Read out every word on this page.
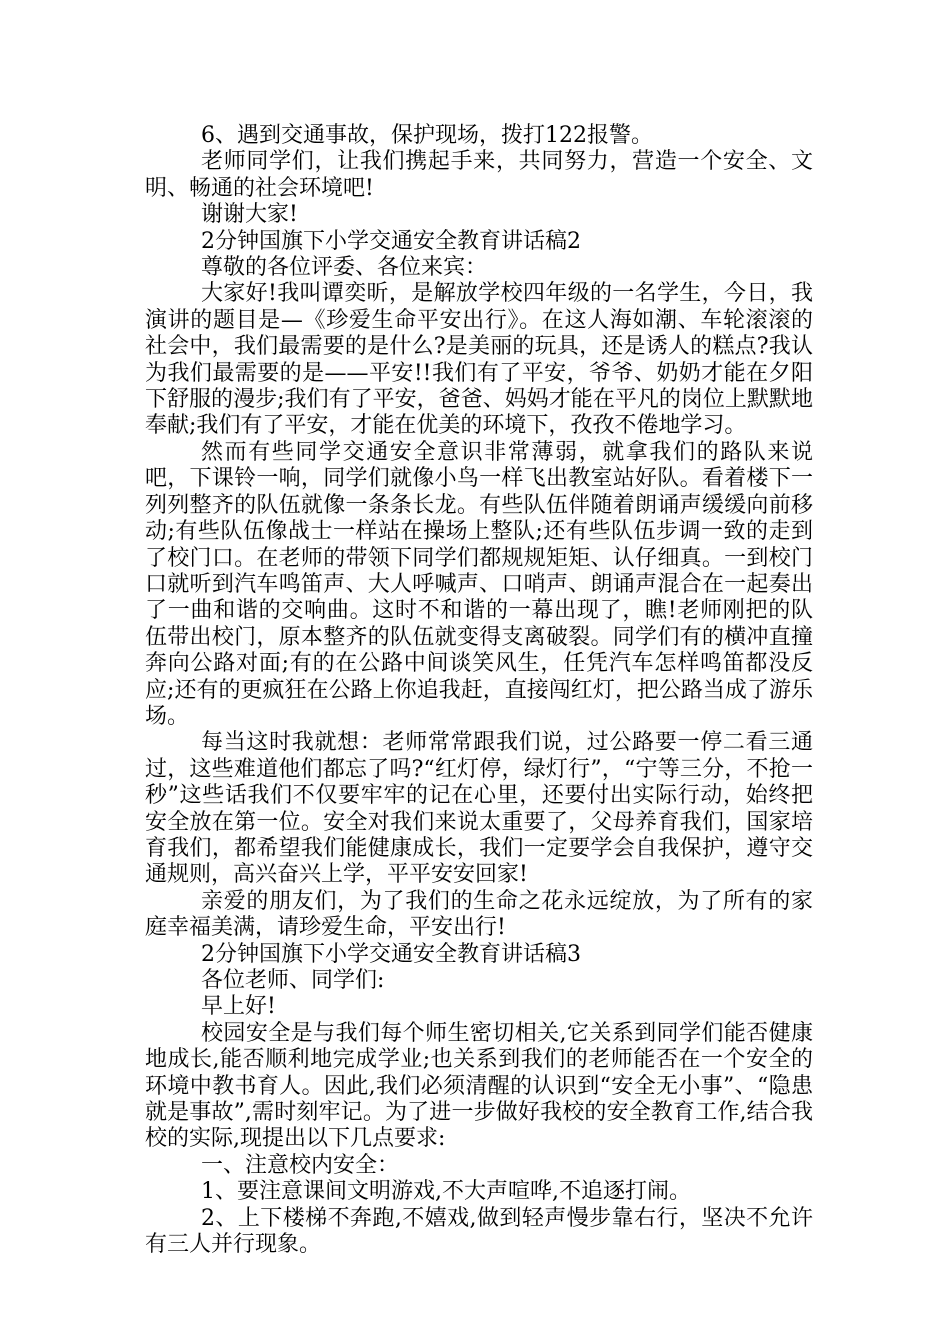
6、遇到交通事故，保护现场，拨打122报警。

老师同学们，让我们携起手来，共同努力，营造一个安全、文明、畅通的社会环境吧!

谢谢大家!

2分钟国旗下小学交通安全教育讲话稿2

尊敬的各位评委、各位来宾：

大家好!我叫谭奕昕，是解放学校四年级的一名学生，今日，我演讲的题目是—《珍爱生命平安出行》。在这人海如潮、车轮滚滚的社会中，我们最需要的是什么?是美丽的玩具，还是诱人的糕点?我认为我们最需要的是——平安!!我们有了平安，爷爷、奶奶才能在夕阳下舒服的漫步;我们有了平安，爸爸、妈妈才能在平凡的岗位上默默地奉献;我们有了平安，才能在优美的环境下，孜孜不倦地学习。

然而有些同学交通安全意识非常薄弱，就拿我们的路队来说吧，下课铃一响，同学们就像小鸟一样飞出教室站好队。看着楼下一列列整齐的队伍就像一条条长龙。有些队伍伴随着朗诵声缓缓向前移动;有些队伍像战士一样站在操场上整队;还有些队伍步调一致的走到了校门口。在老师的带领下同学们都规规矩矩、认仔细真。一到校门口就听到汽车鸣笛声、大人呼喊声、口哨声、朗诵声混合在一起奏出了一曲和谐的交响曲。这时不和谐的一幕出现了，瞧!老师刚把的队伍带出校门，原本整齐的队伍就变得支离破裂。同学们有的横冲直撞奔向公路对面;有的在公路中间谈笑风生，任凭汽车怎样鸣笛都没反应;还有的更疯狂在公路上你追我赶，直接闯红灯，把公路当成了游乐场。

每当这时我就想：老师常常跟我们说，过公路要一停二看三通过，这些难道他们都忘了吗?“红灯停，绿灯行”，“宁等三分，不抢一秒”这些话我们不仅要牢牢的记在心里，还要付出实际行动，始终把安全放在第一位。安全对我们来说太重要了，父母养育我们，国家培育我们，都希望我们能健康成长，我们一定要学会自我保护，遵守交通规则，高兴奋兴上学，平平安安回家!

亲爱的朋友们，为了我们的生命之花永远绽放，为了所有的家庭幸福美满，请珍爱生命，平安出行!

2分钟国旗下小学交通安全教育讲话稿3

各位老师、同学们:

早上好!

校园安全是与我们每个师生密切相关,它关系到同学们能否健康地成长,能否顺利地完成学业;也关系到我们的老师能否在一个安全的环境中教书育人。因此,我们必须清醒的认识到“安全无小事”、“隐患就是事故”,需时刻牢记。为了进一步做好我校的安全教育工作,结合我校的实际,现提出以下几点要求:

一、注意校内安全：

1、要注意课间文明游戏,不大声喧哗,不追逐打闹。

2、上下楼梯不奔跑,不嬉戏,做到轻声慢步靠右行，坚决不允许有三人并行现象。
